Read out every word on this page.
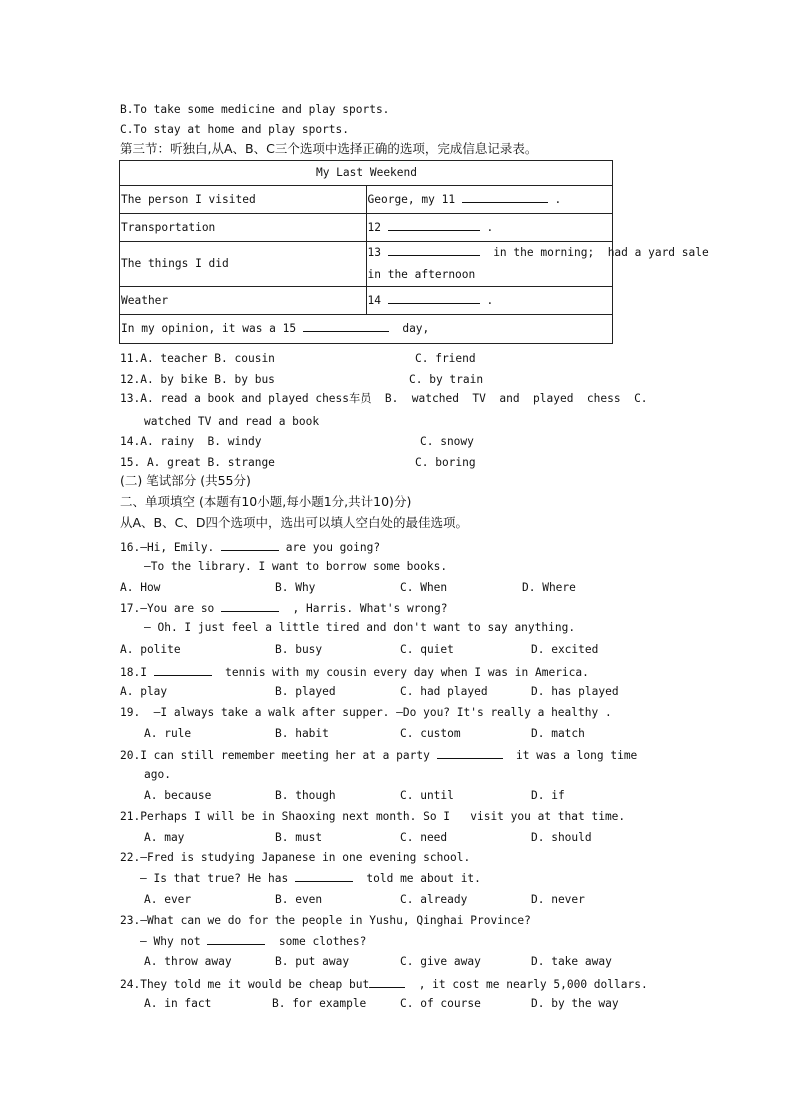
B.To take some medicine and play sports.
C.To stay at home and play sports.
第三节：听独白,从A、B、C三个选项中选择正确的选项，完成信息记录表。
My Last Weekend	
The person I visited	George, my 11 .
Transportation	12 .
The things I did	13 in the morning;  had a yard sale
in the afternoon

Weather	14 .
In my opinion, it was a 15 day,	
11.A. teacher B. cousin	C. friend
12.A. by bike B. by bus	C. by train
13.A. read a book and played chess车员  B.  watched  TV  and  played  chess  C.
watched TV and read a book
14.A. rainy  B. windy	C. snowy
15. A. great B. strange	C. boring
(二) 笔试部分 (共55分)
二、单项填空 (本题有10小题,每小题1分,共计10)分)
从A、B、C、D四个选项中，选出可以填人空白处的最佳选项。
16.—Hi, Emily.	are you going?
—To the library. I want to borrow some books.
A. How	B. Why	C. When	D. Where
17.—You are so	, Harris. What's wrong?
— Oh. I just feel a little tired and don't want to say anything.
A. polite	B. busy	C. quiet	D. excited
18.I	tennis with my cousin every day when I was in America.
A. play	B. played	C. had played	D. has played
19.  —I always take a walk after supper. —Do you? It's really a healthy .
A. rule	B. habit	C. custom	D. match
20.I can still remember meeting her at a party	it was a long time
ago.
A. because	B. though	C. until	D. if
21.Perhaps I will be in Shaoxing next month. So I   visit you at that time.
A. may	B. must	C. need	D. should
22.—Fred is studying Japanese in one evening school.
— Is that true? He has	told me about it.
A. ever	B. even	C. already	D. never
23.—What can we do for the people in Yushu, Qinghai Province?
— Why not	some clothes?
A. throw away	B. put away	C. give away	D. take away
24.They told me it would be cheap but	, it cost me nearly 5,000 dollars.
A. in fact	B. for example	C. of course	D. by the way
